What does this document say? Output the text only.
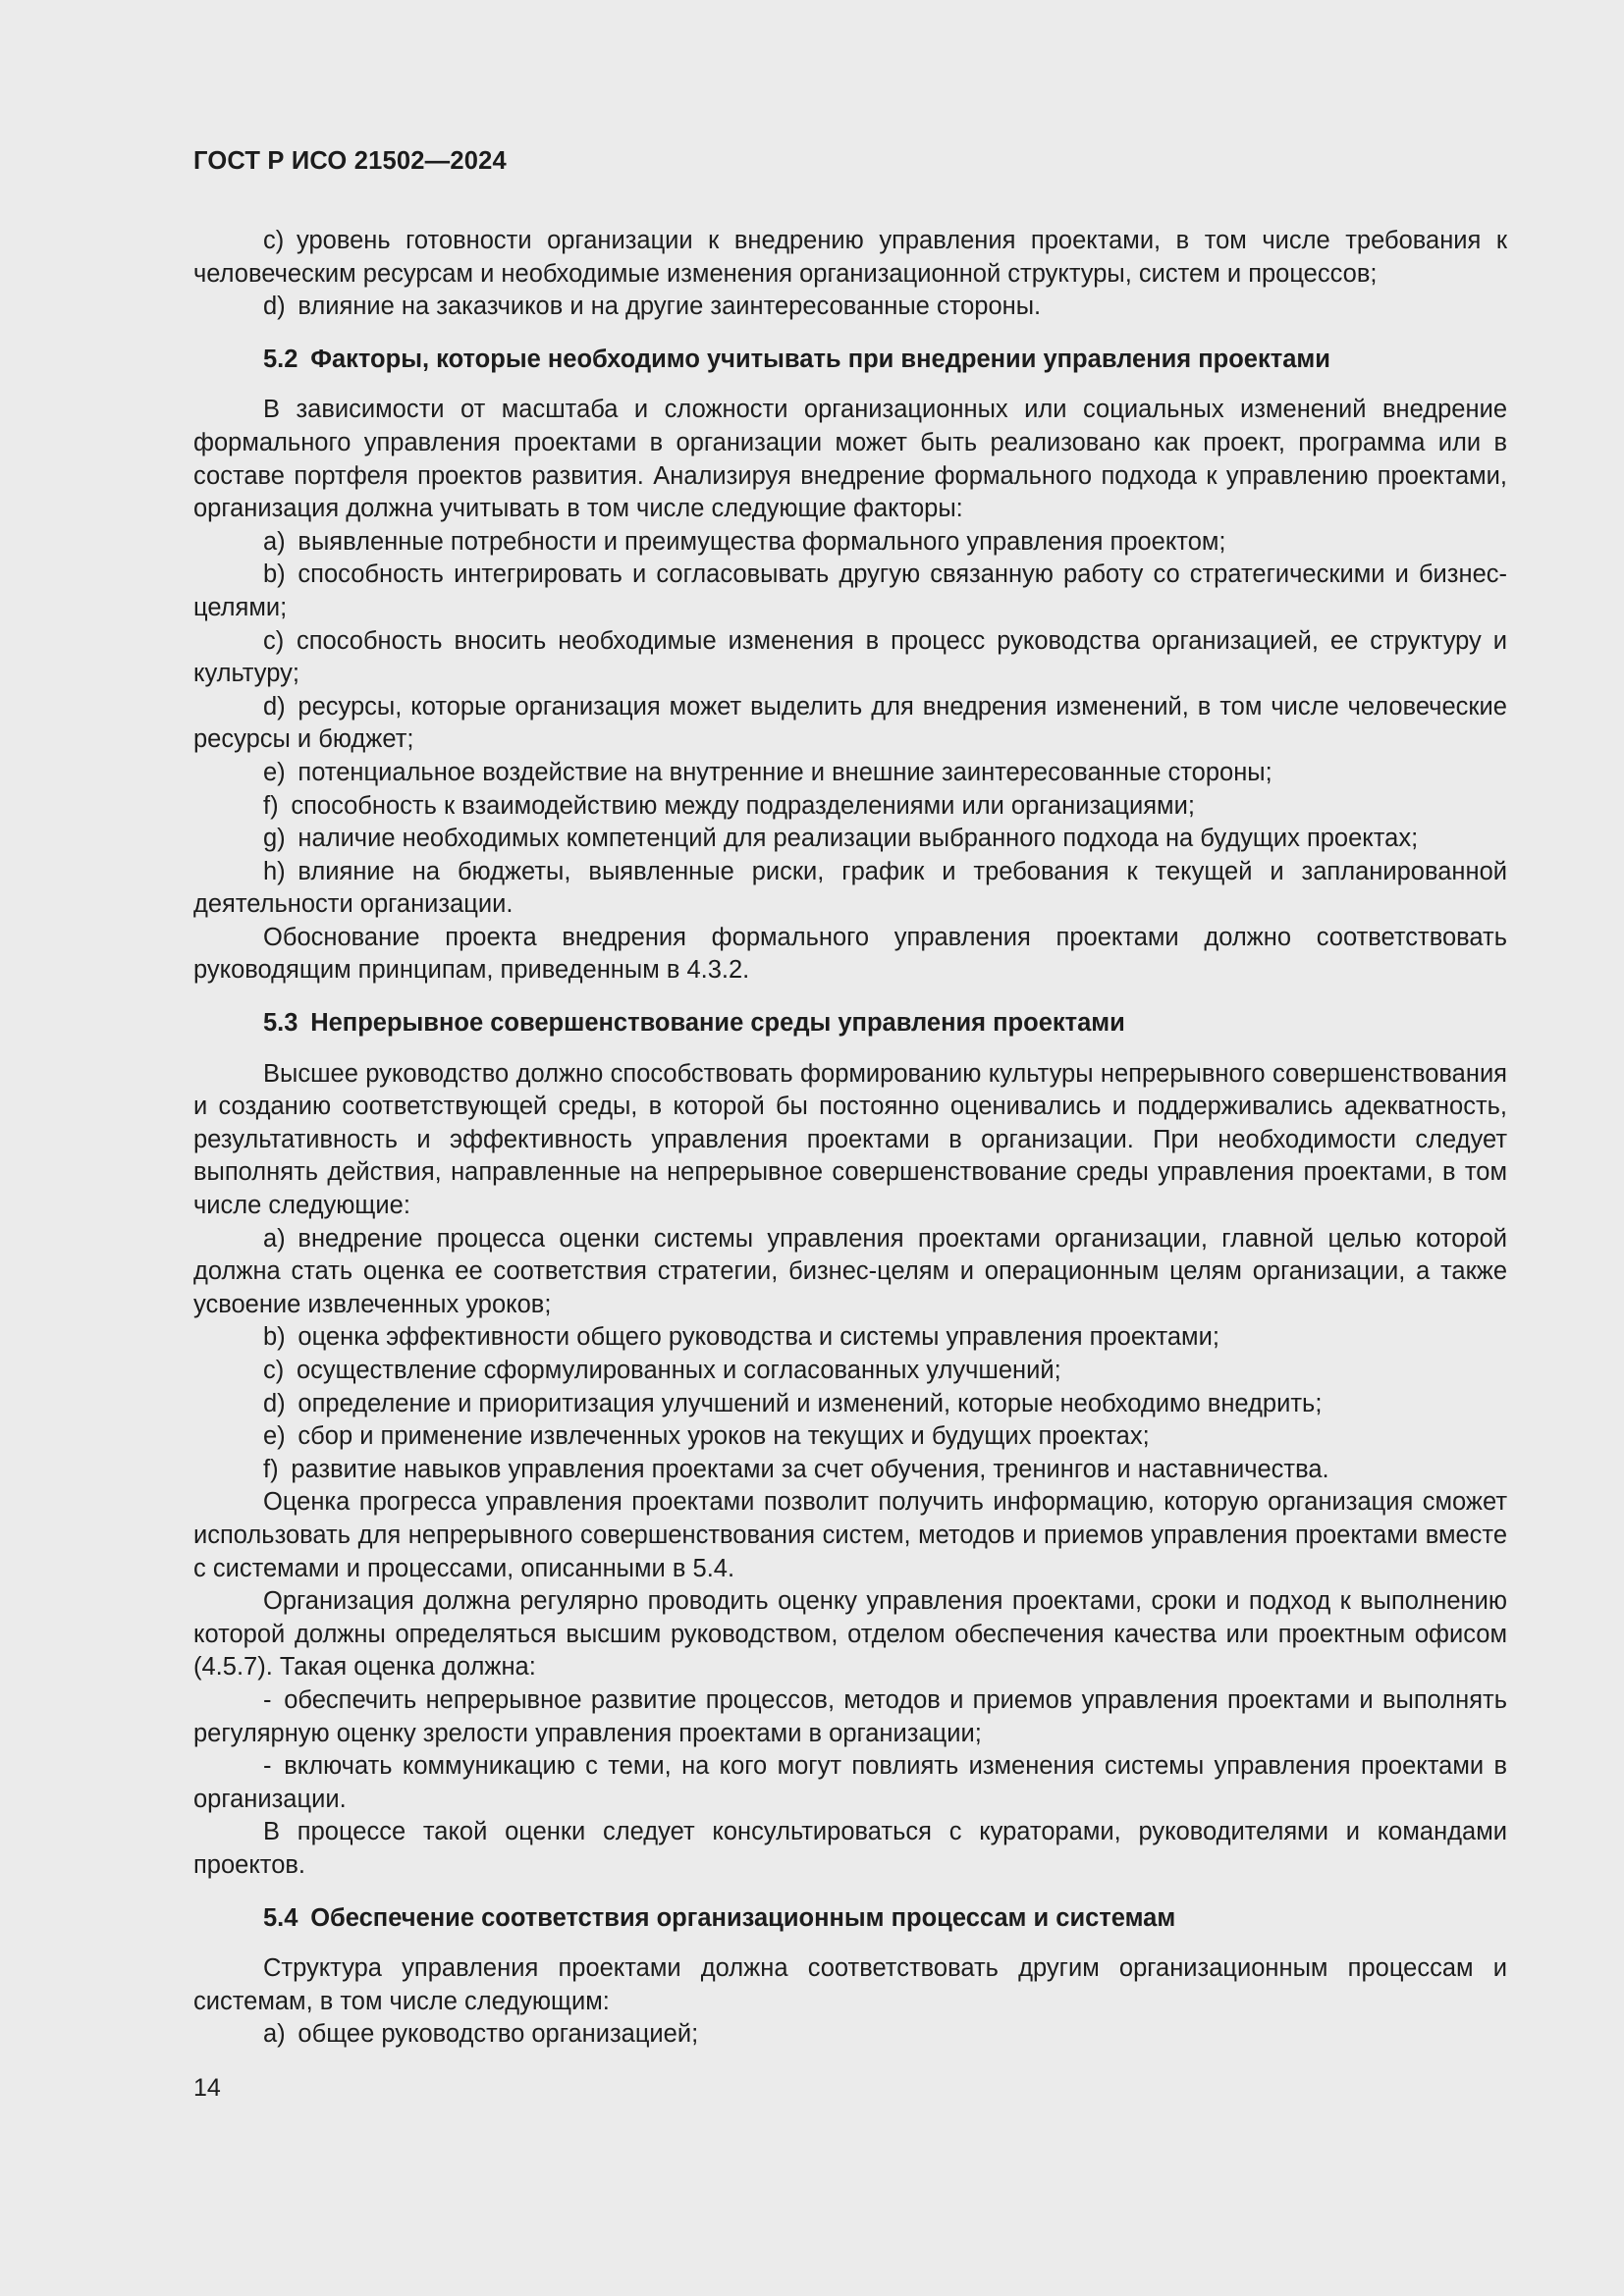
ГОСТ Р ИСО 21502—2024

c) уровень готовности организации к внедрению управления проектами, в том числе требования к человеческим ресурсам и необходимые изменения организационной структуры, систем и процессов;

d) влияние на заказчиков и на другие заинтересованные стороны.

5.2 Факторы, которые необходимо учитывать при внедрении управления проектами

В зависимости от масштаба и сложности организационных или социальных изменений внедрение формального управления проектами в организации может быть реализовано как проект, программа или в составе портфеля проектов развития. Анализируя внедрение формального подхода к управлению проектами, организация должна учитывать в том числе следующие факторы:

a) выявленные потребности и преимущества формального управления проектом;

b) способность интегрировать и согласовывать другую связанную работу со стратегическими и бизнес-целями;

c) способность вносить необходимые изменения в процесс руководства организацией, ее структуру и культуру;

d) ресурсы, которые организация может выделить для внедрения изменений, в том числе человеческие ресурсы и бюджет;

e) потенциальное воздействие на внутренние и внешние заинтересованные стороны;

f) способность к взаимодействию между подразделениями или организациями;

g) наличие необходимых компетенций для реализации выбранного подхода на будущих проектах;

h) влияние на бюджеты, выявленные риски, график и требования к текущей и запланированной деятельности организации.

Обоснование проекта внедрения формального управления проектами должно соответствовать руководящим принципам, приведенным в 4.3.2.

5.3 Непрерывное совершенствование среды управления проектами

Высшее руководство должно способствовать формированию культуры непрерывного совершенствования и созданию соответствующей среды, в которой бы постоянно оценивались и поддерживались адекватность, результативность и эффективность управления проектами в организации. При необходимости следует выполнять действия, направленные на непрерывное совершенствование среды управления проектами, в том числе следующие:

a) внедрение процесса оценки системы управления проектами организации, главной целью которой должна стать оценка ее соответствия стратегии, бизнес-целям и операционным целям организации, а также усвоение извлеченных уроков;

b) оценка эффективности общего руководства и системы управления проектами;

c) осуществление сформулированных и согласованных улучшений;

d) определение и приоритизация улучшений и изменений, которые необходимо внедрить;

e) сбор и применение извлеченных уроков на текущих и будущих проектах;

f) развитие навыков управления проектами за счет обучения, тренингов и наставничества.

Оценка прогресса управления проектами позволит получить информацию, которую организация сможет использовать для непрерывного совершенствования систем, методов и приемов управления проектами вместе с системами и процессами, описанными в 5.4.

Организация должна регулярно проводить оценку управления проектами, сроки и подход к выполнению которой должны определяться высшим руководством, отделом обеспечения качества или проектным офисом (4.5.7). Такая оценка должна:

- обеспечить непрерывное развитие процессов, методов и приемов управления проектами и выполнять регулярную оценку зрелости управления проектами в организации;

- включать коммуникацию с теми, на кого могут повлиять изменения системы управления проектами в организации.

В процессе такой оценки следует консультироваться с кураторами, руководителями и командами проектов.

5.4 Обеспечение соответствия организационным процессам и системам

Структура управления проектами должна соответствовать другим организационным процессам и системам, в том числе следующим:

a) общее руководство организацией;

14
